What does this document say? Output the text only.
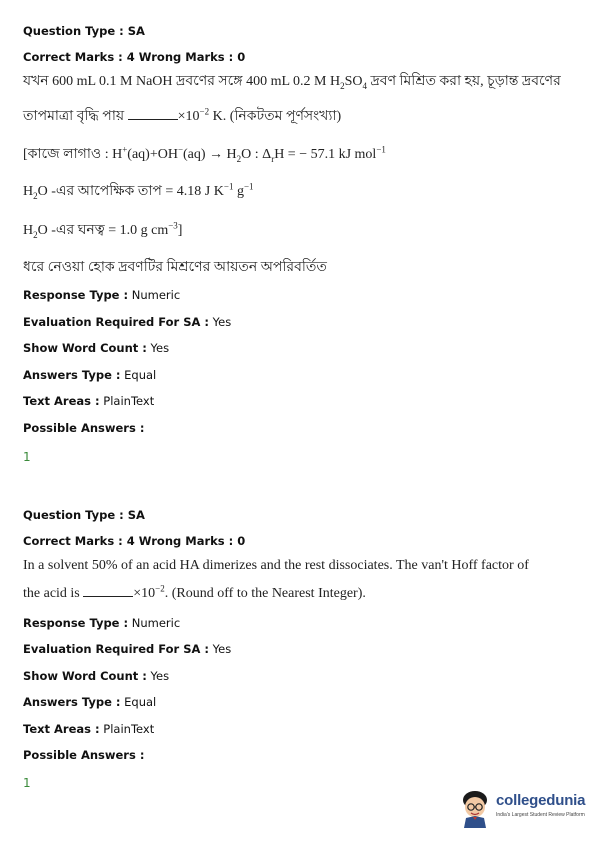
Question Type : SA
Correct Marks : 4 Wrong Marks : 0
যখন 600 mL 0.1 M NaOH দ্রবণের সঙ্গে 400 mL 0.2 M $H_2SO_4$ দ্রবণ মিশ্রিত করা হয়, চূড়ান্ত দ্রবণের
তাপমাত্রা বৃদ্ধি পায়	$\times 10^{-2}$ K. (নিকটতম পূর্ণসংখ্যা)
[কাজে লাগাও : $H^+(aq)+OH^-(aq) \to H_2O$ : $\Delta_rH$ = − 57.1 kJ mol$^{-1}$
$H_2O$ -এর আপেক্ষিক তাপ = 4.18 J $K^{-1}$ $g^{-1}$
$H_2O$ -এর ঘনত্ব = 1.0 g $cm^{-3}$]
ধরে নেওয়া হোক দ্রবণটির মিশ্রণের আয়তন অপরিবর্তিত
Response Type : Numeric
Evaluation Required For SA : Yes
Show Word Count : Yes
Answers Type : Equal
Text Areas : PlainText
Possible Answers :
1
Question Type : SA
Correct Marks : 4 Wrong Marks : 0
In a solvent 50% of an acid HA dimerizes and the rest dissociates. The van't Hoff factor of
the acid is	$\times 10^{-2}$. (Round off to the Nearest Integer).
Response Type : Numeric
Evaluation Required For SA : Yes
Show Word Count : Yes
Answers Type : Equal
Text Areas : PlainText
Possible Answers :
1
collegedunia
India's Largest Student Review Platform
